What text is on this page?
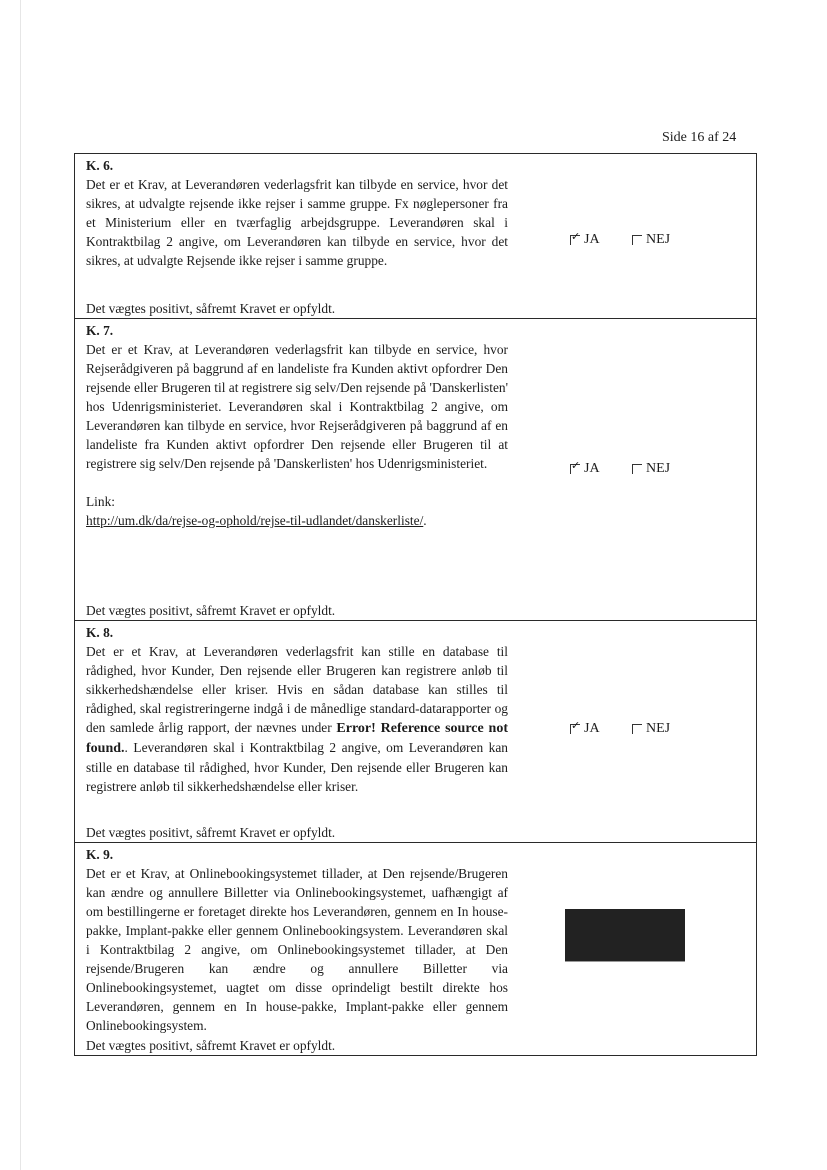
Side 16 af 24

K. 6.

Det er et Krav, at Leverandøren vederlagsfrit kan tilbyde en service, hvor det sikres, at udvalgte rejsende ikke rejser i samme gruppe. Fx nøglepersoner fra et Ministerium eller en tværfaglig arbejdsgruppe. Leverandøren skal i Kontraktbilag 2 angive, om Leverandøren kan tilbyde en service, hvor det sikres, at udvalgte Rejsende ikke rejser i samme gruppe.

Det vægtes positivt, såfremt Kravet er opfyldt.
✓ JA	NEJ

K. 7.

Det er et Krav, at Leverandøren vederlagsfrit kan tilbyde en service, hvor Rejserådgiveren på baggrund af en landeliste fra Kunden aktivt opfordrer Den rejsende eller Brugeren til at registrere sig selv/Den rejsende på 'Danskerlisten' hos Udenrigsministeriet. Leverandøren skal i Kontraktbilag 2 angive, om Leverandøren kan tilbyde en service, hvor Rejserådgiveren på baggrund af en landeliste fra Kunden aktivt opfordrer Den rejsende eller Brugeren til at registrere sig selv/Den rejsende på 'Danskerlisten' hos Udenrigsministeriet.

Link:

http://um.dk/da/rejse-og-ophold/rejse-til-udlandet/danskerliste/.

Det vægtes positivt, såfremt Kravet er opfyldt.
✓ JA	NEJ

K. 8.

Det er et Krav, at Leverandøren vederlagsfrit kan stille en database til rådighed, hvor Kunder, Den rejsende eller Brugeren kan registrere anløb til sikkerhedshændelse eller kriser. Hvis en sådan database kan stilles til rådighed, skal registreringerne indgå i de månedlige standard-datarapporter og den samlede årlig rapport, der nævnes under Error! Reference source not found.. Leverandøren skal i Kontraktbilag 2 angive, om Leverandøren kan stille en database til rådighed, hvor Kunder, Den rejsende eller Brugeren kan registrere anløb til sikkerhedshændelse eller kriser.

Det vægtes positivt, såfremt Kravet er opfyldt.
✓ JA	NEJ

K. 9.

Det er et Krav, at Onlinebookingsystemet tillader, at Den rejsende/Brugeren kan ændre og annullere Billetter via Onlinebookingsystemet, uafhængigt af om bestillingerne er foretaget direkte hos Leverandøren, gennem en In house-pakke, Implant-pakke eller gennem Onlinebookingsystem. Leverandøren skal i Kontraktbilag 2 angive, om Onlinebookingsystemet tillader, at Den rejsende/Brugeren kan ændre og annullere Billetter via Onlinebookingsystemet, uagtet om disse oprindeligt bestilt direkte hos Leverandøren, gennem en In house-pakke, Implant-pakke eller gennem Onlinebookingsystem.

Det vægtes positivt, såfremt Kravet er opfyldt.
